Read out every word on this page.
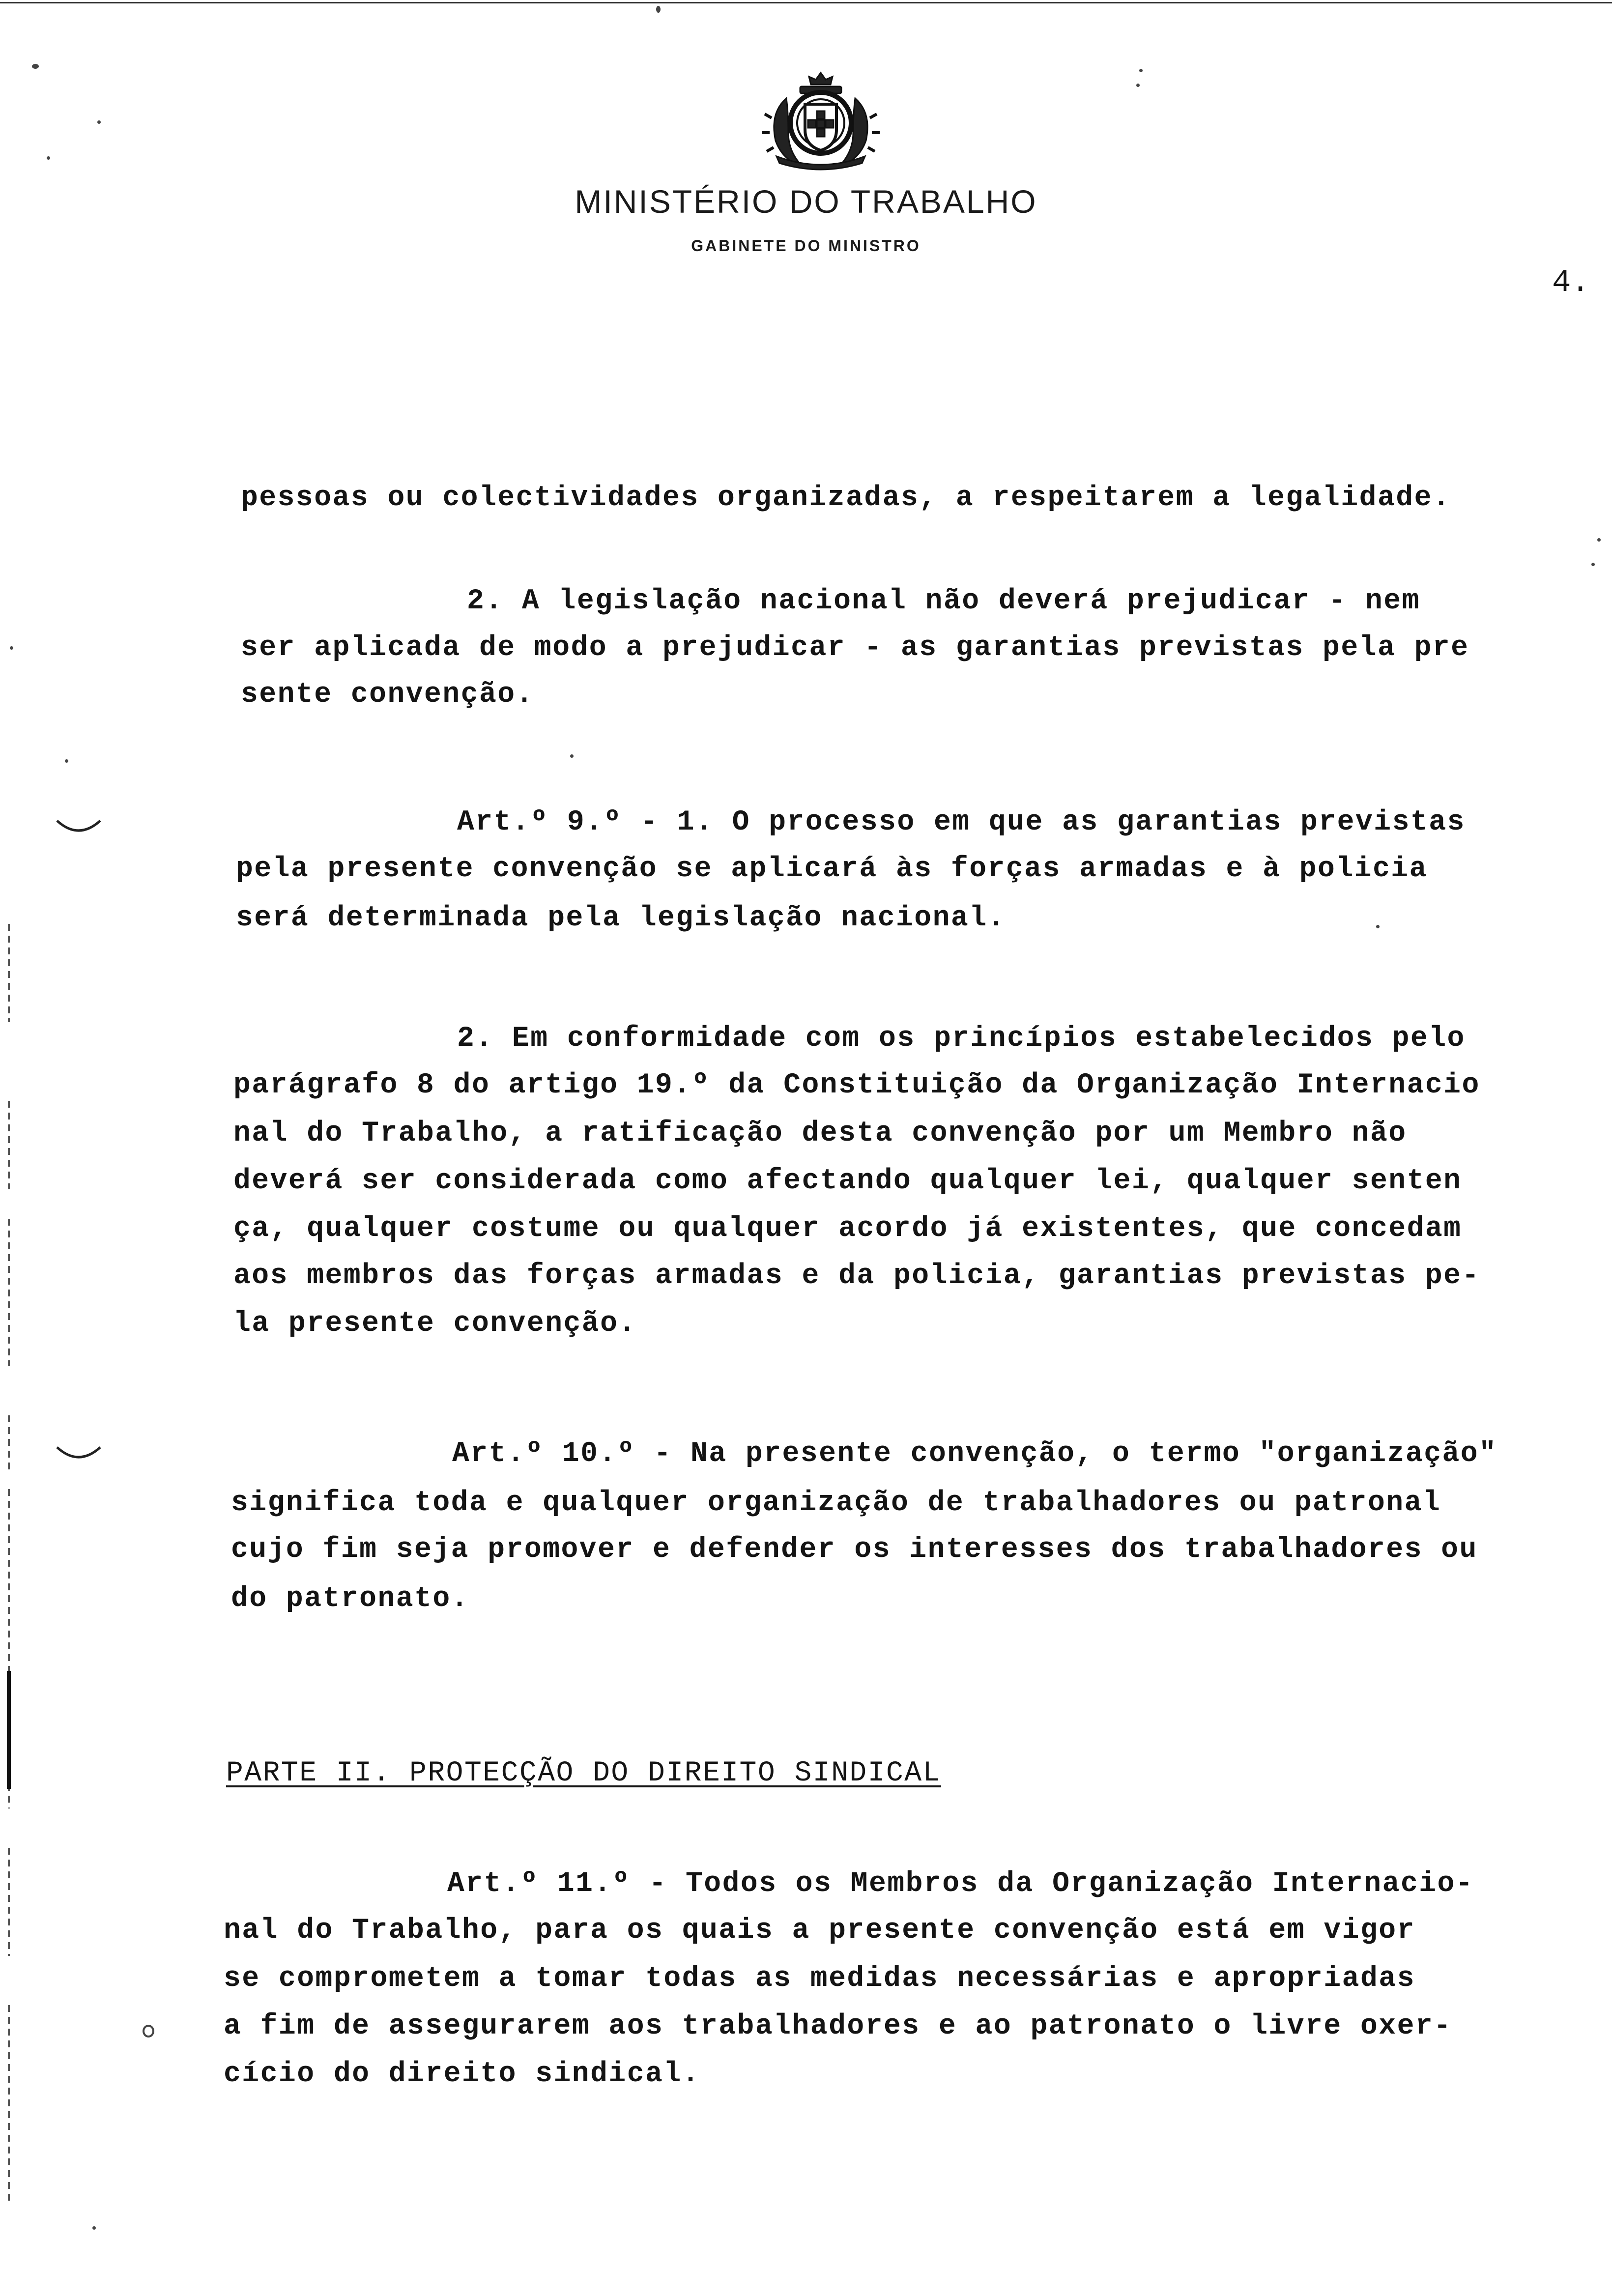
MINISTÉRIO DO TRABALHO
GABINETE DO MINISTRO
4.
pessoas ou colectividades organizadas, a respeitarem a legalidade.
2. A legislação nacional não deverá prejudicar - nem
ser aplicada de modo a prejudicar - as garantias previstas pela pre
sente convenção.
Art.º 9.º - 1. O processo em que as garantias previstas
pela presente convenção se aplicará às forças armadas e à policia
será determinada pela legislação nacional.
2. Em conformidade com os princípios estabelecidos pelo
parágrafo 8 do artigo 19.º da Constituição da Organização Internacio
nal do Trabalho, a ratificação desta convenção por um Membro não
deverá ser considerada como afectando qualquer lei, qualquer senten
ça, qualquer costume ou qualquer acordo já existentes, que concedam
aos membros das forças armadas e da policia, garantias previstas pe-
la presente convenção.
Art.º 10.º - Na presente convenção, o termo "organização"
significa toda e qualquer organização de trabalhadores ou patronal
cujo fim seja promover e defender os interesses dos trabalhadores ou
do patronato.
PARTE II. PROTECÇÃO DO DIREITO SINDICAL
Art.º 11.º - Todos os Membros da Organização Internacio-
nal do Trabalho, para os quais a presente convenção está em vigor
se comprometem a tomar todas as medidas necessárias e apropriadas
a fim de assegurarem aos trabalhadores e ao patronato o livre oxer-
cício do direito sindical.
